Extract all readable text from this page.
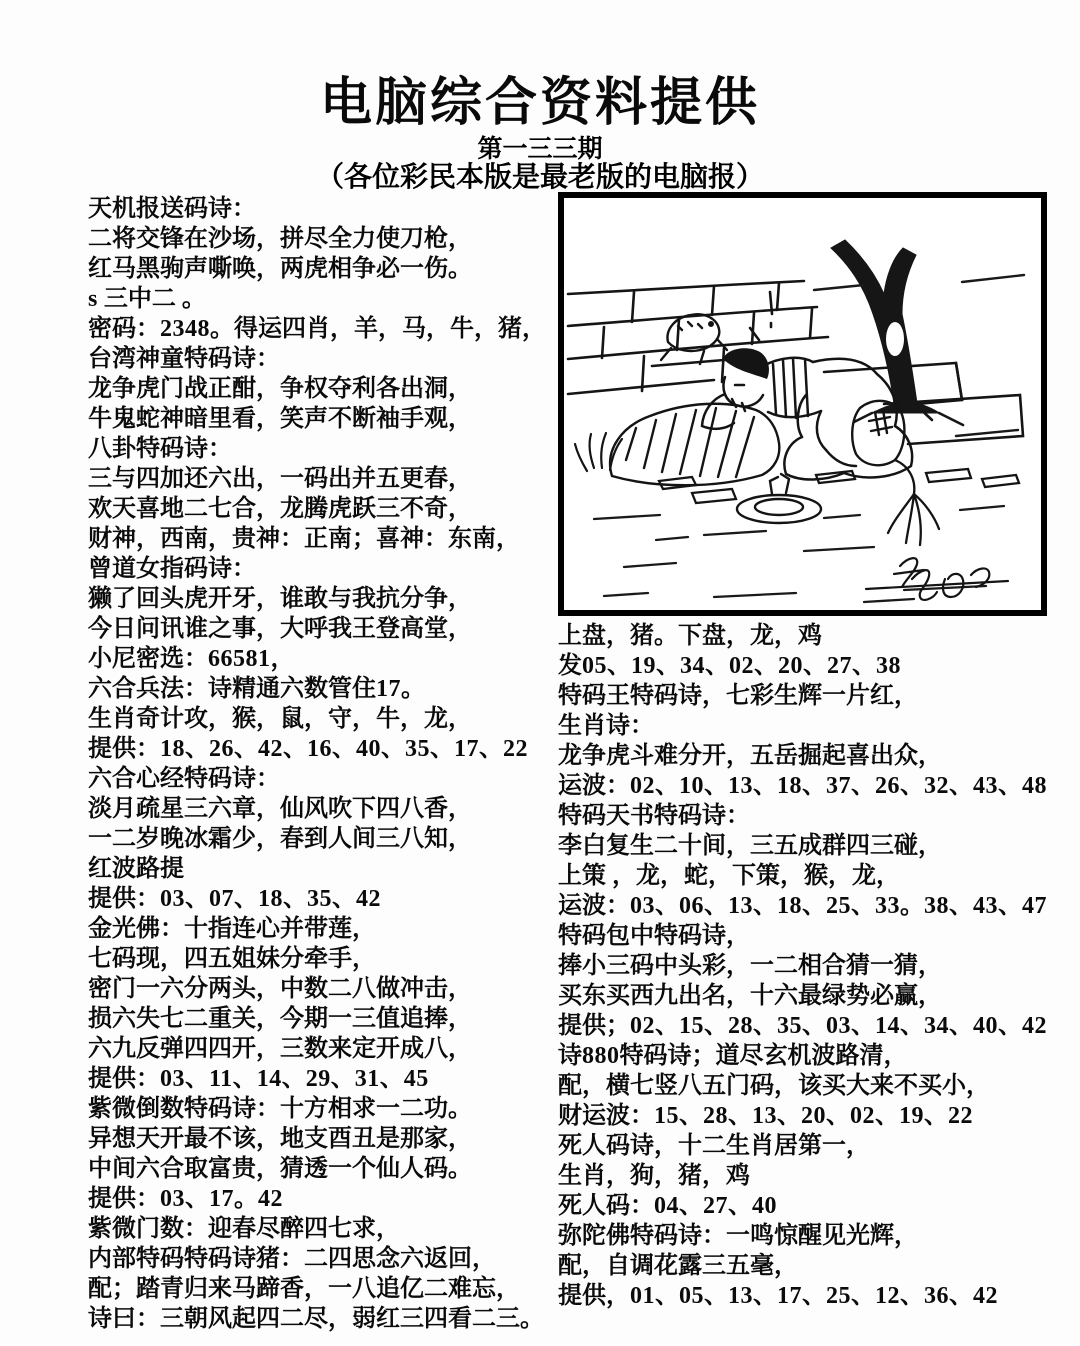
电脑综合资料提供
第一三三期
（各位彩民本版是最老版的电脑报）
天机报送码诗：
二将交锋在沙场，拼尽全力使刀枪，
红马黑驹声嘶唤，两虎相争必一伤。
s 三中二 。
密码：2348。得运四肖，羊，马，牛，猪，
台湾神童特码诗：
龙争虎门战正酣，争权夺利各出洞，
牛鬼蛇神暗里看，笑声不断袖手观，
八卦特码诗：
三与四加还六出，一码出并五更春，
欢天喜地二七合，龙腾虎跃三不奇，
财神，西南，贵神：正南；喜神：东南，
曾道女指码诗：
獭了回头虎开牙，谁敢与我抗分争，
今日问讯谁之事，大呼我王登高堂，
小尼密选：66581，
六合兵法：诗精通六数管住17。
生肖奇计攻，猴，鼠，守，牛，龙，
提供：18、26、42、16、40、35、17、22
六合心经特码诗：
淡月疏星三六章，仙风吹下四八香，
一二岁晚冰霜少，春到人间三八知，
红波路提
提供：03、07、18、35、42
金光佛：十指连心并带莲，
七码现，四五姐妹分牵手，
密门一六分两头，中数二八做冲击，
损六失七二重关，今期一三值追捧，
六九反弹四四开，三数来定开成八，
提供：03、11、14、29、31、45
紫微倒数特码诗：十方相求一二功。
异想天开最不该，地支酉丑是那家，
中间六合取富贵，猜透一个仙人码。
提供：03、17。42
紫微门数：迎春尽醉四七求，
内部特码特码诗猪：二四思念六返回，
配；踏青归来马蹄香，一八追亿二难忘，
诗曰：三朝风起四二尽，弱红三四看二三。
上盘，猪。下盘，龙，鸡
发05、19、34、02、20、27、38
特码王特码诗，七彩生辉一片红，
生肖诗：
龙争虎斗难分开，五岳掘起喜出众，
运波：02、10、13、18、37、26、32、43、48
特码天书特码诗：
李白复生二十间，三五成群四三碰，
上策 ，龙，蛇，下策，猴，龙，
运波：03、06、13、18、25、33。38、43、47
特码包中特码诗，
捧小三码中头彩，一二相合猜一猜，
买东买西九出名，十六最绿势必赢，
提供；02、15、28、35、03、14、34、40、42
诗880特码诗；道尽玄机波路清，
配，横七竖八五门码，该买大来不买小，
财运波：15、28、13、20、02、19、22
死人码诗，十二生肖居第一，
生肖，狗，猪，鸡
死人码：04、27、40
弥陀佛特码诗：一鸣惊醒见光辉，
配，自调花露三五毫，
提供，01、05、13、17、25、12、36、42
